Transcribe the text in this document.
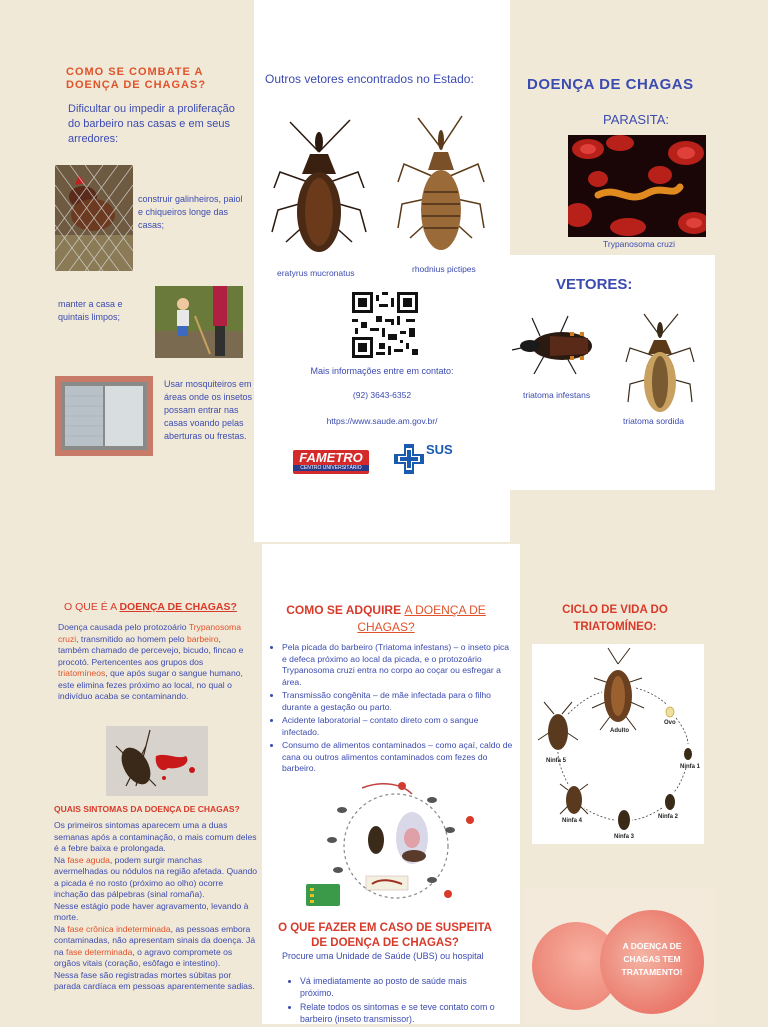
COMO SE COMBATE A DOENÇA DE CHAGAS?
Dificultar ou impedir a proliferação do barbeiro nas casas e em seus arredores:
construir galinheiros, paiol e chiqueiros longe das casas;
manter a casa e quintais limpos;
Usar mosquiteiros em áreas onde os insetos possam entrar nas casas voando pelas aberturas ou frestas.
Outros vetores encontrados no Estado:
eratyrus mucronatus	rhodnius pictipes
Mais informações entre em contato:
(92) 3643-6352
https://www.saude.am.gov.br/
FAMETRO
CENTRO UNIVERSITÁRIO
SUS
DOENÇA DE CHAGAS
PARASITA:
Trypanosoma cruzi
VETORES:
triatoma infestans
triatoma sordida
O QUE É A DOENÇA DE CHAGAS?
Doença causada pelo protozoário Trypanosoma cruzi, transmitido ao homem pelo barbeiro, também chamado de percevejo, bicudo, fincao e procotó. Pertencentes aos grupos dos triatomíneos, que após sugar o sangue humano, este elimina fezes próximo ao local, no qual o indivíduo acaba se contaminando.
QUAIS SINTOMAS DA DOENÇA DE CHAGAS?
Os primeiros sintomas aparecem uma a duas semanas após a contaminação, o mais comum deles é a febre baixa e prolongada.
Na fase aguda, podem surgir manchas avermelhadas ou nódulos na região afetada. Quando a picada é no rosto (próximo ao olho) ocorre inchação das pálpebras (sinal romaña).
Nesse estágio pode haver agravamento, levando à morte.
Na fase crônica indeterminada, as pessoas embora contaminadas, não apresentam sinais da doença. Já na fase determinada, o agravo compromete os orgãos vitais (coração, esôfago e intestino).
Nessa fase são registradas mortes súbitas por parada cardíaca em pessoas aparentemente sadias.
COMO SE ADQUIRE A DOENÇA DE CHAGAS?
• Pela picada do barbeiro (Triatoma infestans) – o inseto pica e defeca próximo ao local da picada, e o protozoário Trypanosoma cruzi entra no corpo ao coçar ou esfregar a área.
• Transmissão congênita – de mãe infectada para o filho durante a gestação ou parto.
• Acidente laboratorial – contato direto com o sangue infectado.
• Consumo de alimentos contaminados – como açaí, caldo de cana ou outros alimentos contaminados com fezes do barbeiro.
O QUE FAZER EM CASO DE SUSPEITA DE DOENÇA DE CHAGAS?
Procure uma Unidade de Saúde (UBS) ou hospital
• Vá imediatamente ao posto de saúde mais próximo.
• Relate todos os sintomas e se teve contato com o barbeiro (inseto transmissor).
CICLO DE VIDA DO TRIATOMÍNEO:
Adulto
Ovo
Ninfa 5
Ninfa 1
Ninfa 4
Ninfa 2
Ninfa 3
A DOENÇA DE CHAGAS TEM TRATAMENTO!
